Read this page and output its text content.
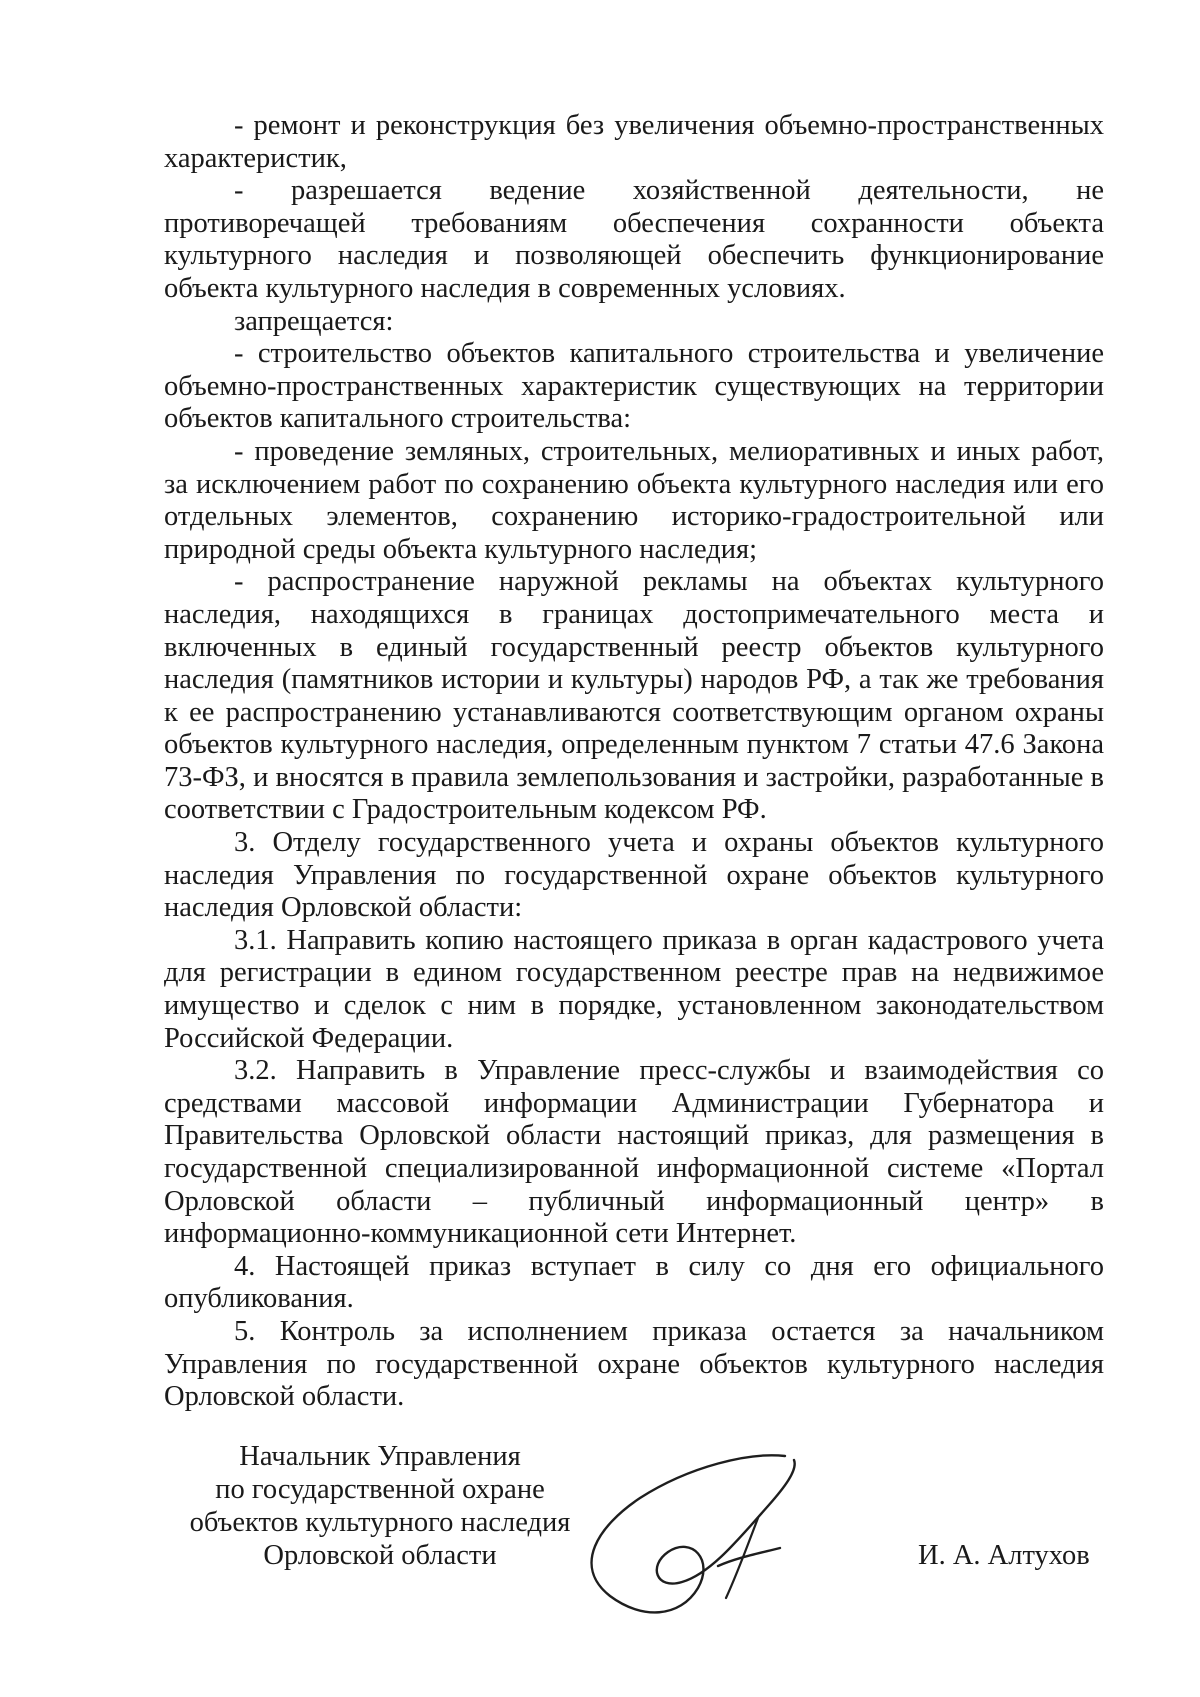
- ремонт и реконструкция без увеличения объемно-пространственных характеристик,

- разрешается ведение хозяйственной деятельности, не противоречащей требованиям обеспечения сохранности объекта культурного наследия и позволяющей обеспечить функционирование объекта культурного наследия в современных условиях.

запрещается:

- строительство объектов капитального строительства и увеличение объемно-пространственных характеристик существующих на территории объектов капитального строительства:

- проведение земляных, строительных, мелиоративных и иных работ, за исключением работ по сохранению объекта культурного наследия или его отдельных элементов, сохранению историко-градостроительной или природной среды объекта культурного наследия;

- распространение наружной рекламы на объектах культурного наследия, находящихся в границах достопримечательного места и включенных в единый государственный реестр объектов культурного наследия (памятников истории и культуры) народов РФ, а так же требования к ее распространению устанавливаются соответствующим органом охраны объектов культурного наследия, определенным пунктом 7 статьи 47.6 Закона 73-ФЗ, и вносятся в правила землепользования и застройки, разработанные в соответствии с Градостроительным кодексом РФ.

3. Отделу государственного учета и охраны объектов культурного наследия Управления по государственной охране объектов культурного наследия Орловской области:

3.1. Направить копию настоящего приказа в орган кадастрового учета для регистрации в едином государственном реестре прав на недвижимое имущество и сделок с ним в порядке, установленном законодательством Российской Федерации.

3.2. Направить в Управление пресс-службы и взаимодействия со средствами массовой информации Администрации Губернатора и Правительства Орловской области настоящий приказ, для размещения в государственной специализированной информационной системе «Портал Орловской области – публичный информационный центр» в информационно-коммуникационной сети Интернет.

4. Настоящей приказ вступает в силу со дня его официального опубликования.

5. Контроль за исполнением приказа остается за начальником Управления по государственной охране объектов культурного наследия Орловской области.

Начальник Управления
по государственной охране
объектов культурного наследия
Орловской области	И. А. Алтухов
